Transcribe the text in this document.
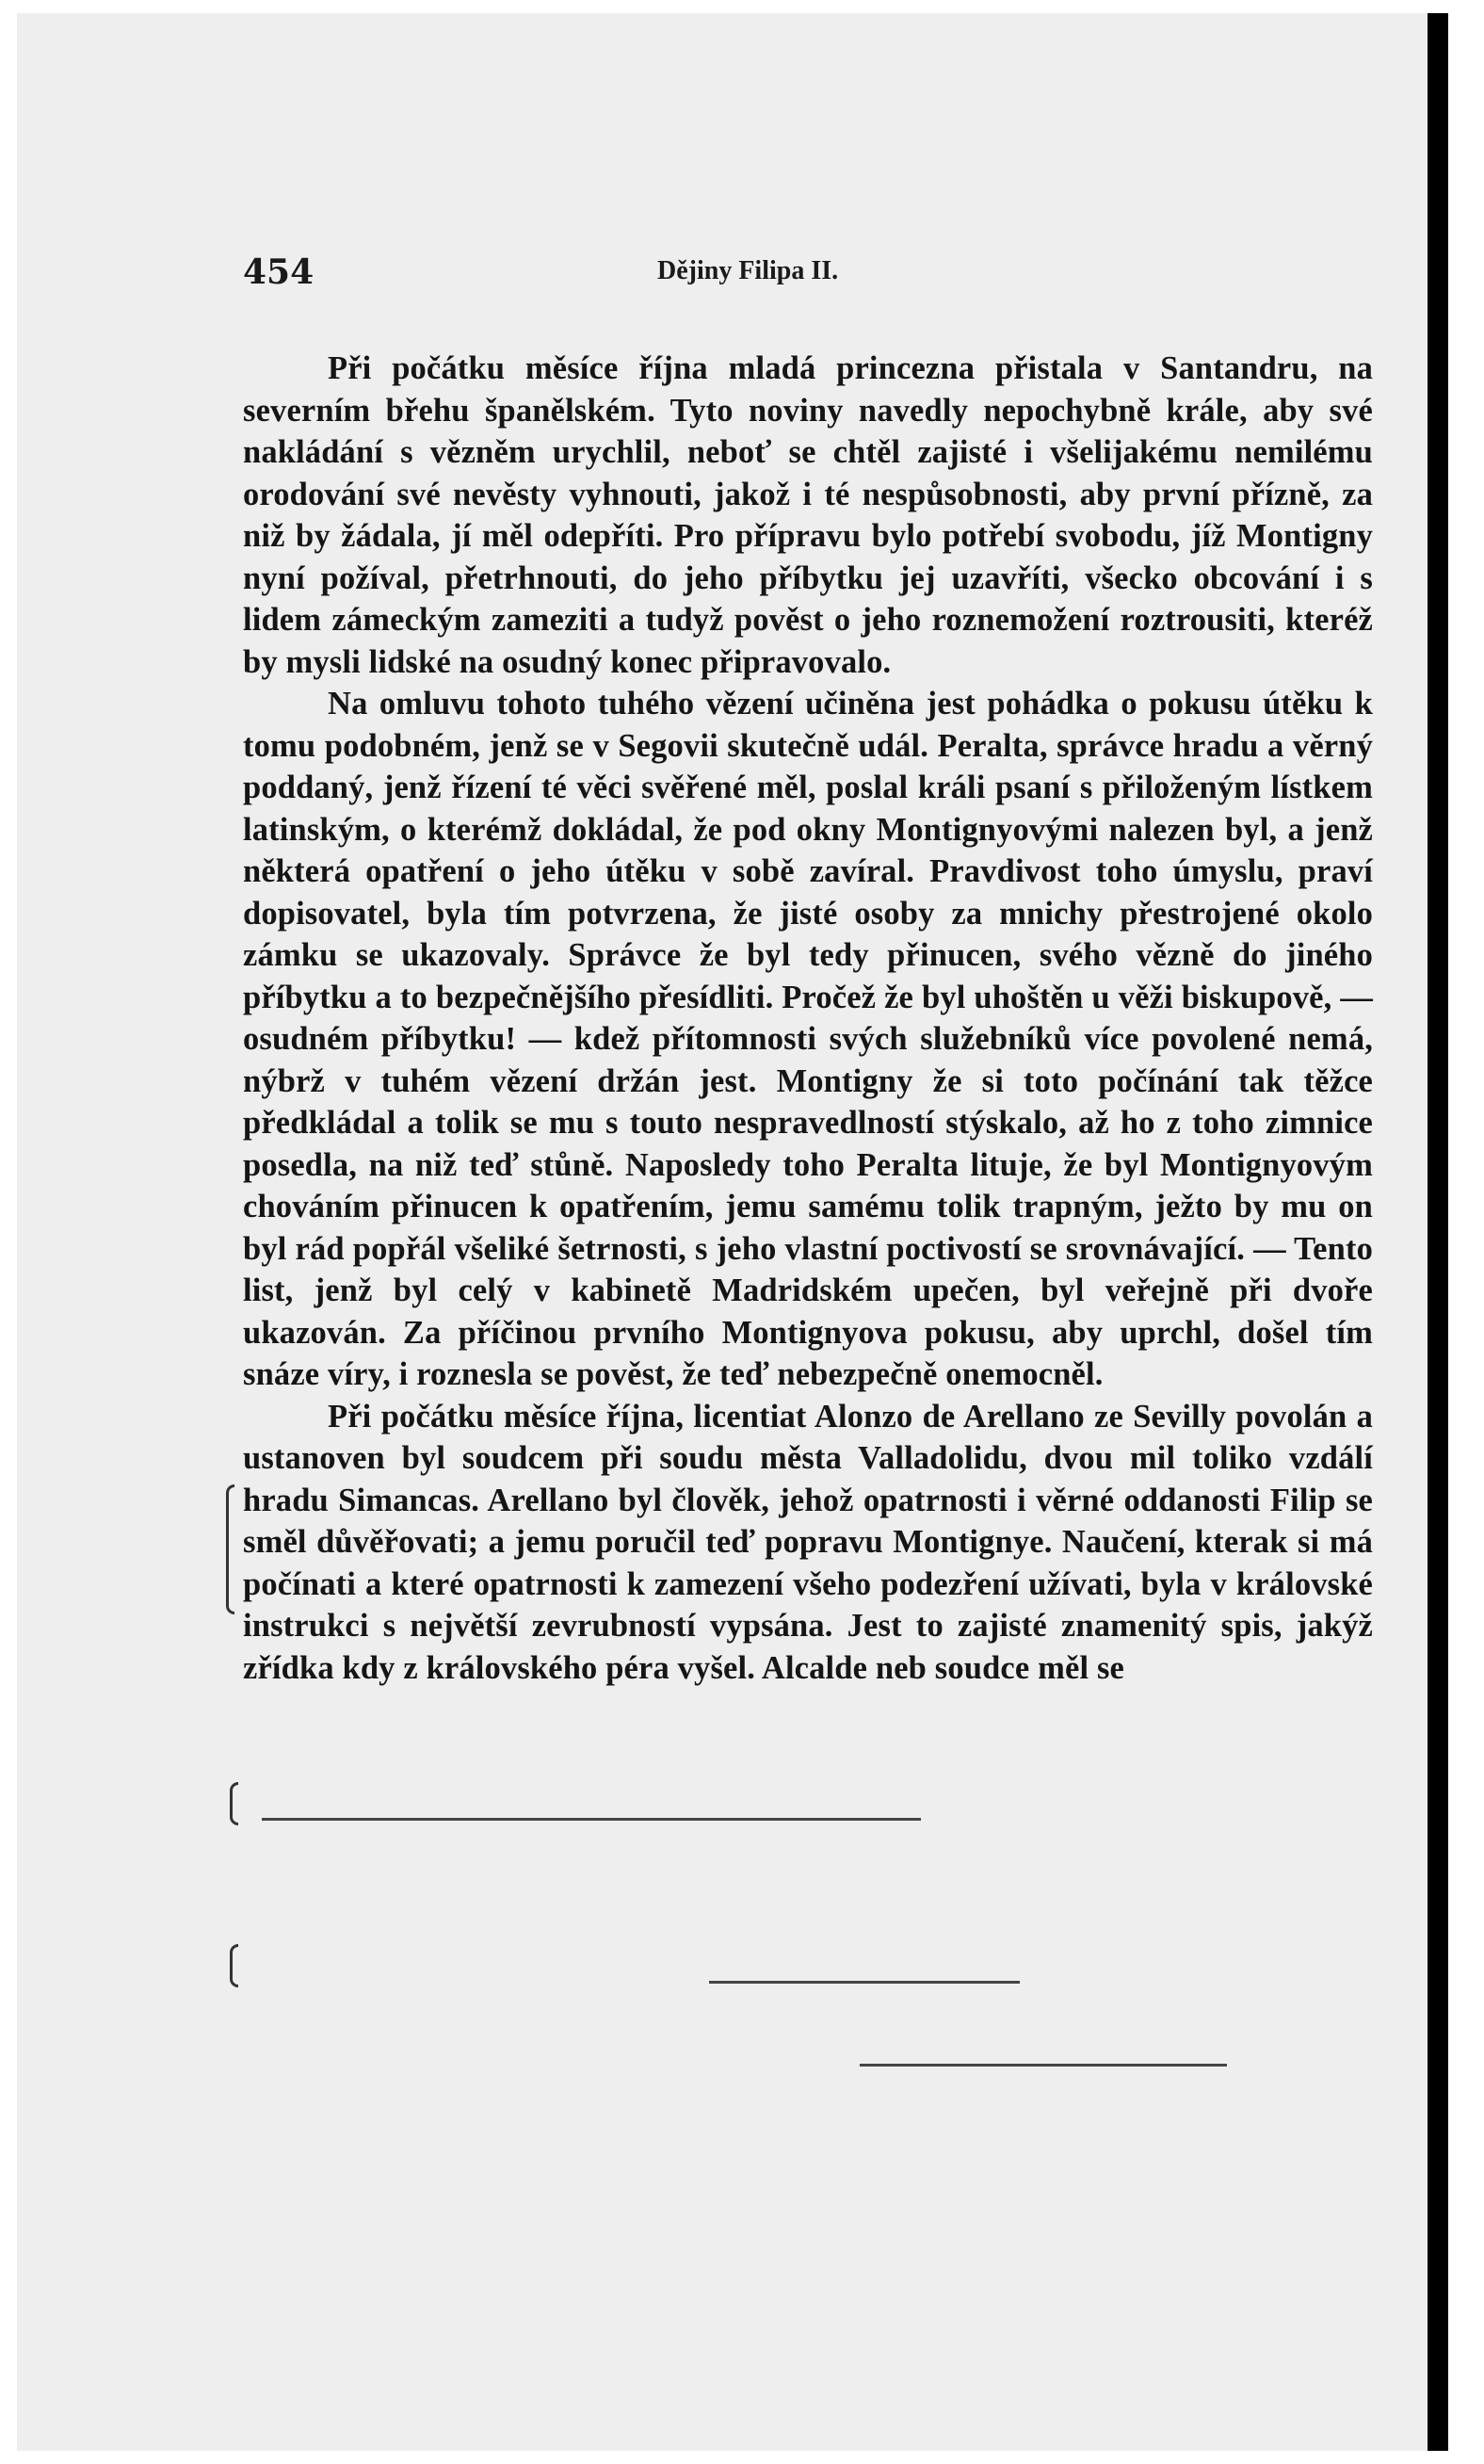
454	Dějiny Filipa II.

Při počátku měsíce října mladá princezna přistala v Santandru, na severním břehu španělském. Tyto noviny navedly nepochybně krále, aby své nakládání s vězněm urychlil, neboť se chtěl zajisté i všelijakému nemilému orodování své nevěsty vyhnouti, jakož i té nespůsobnosti, aby první přízně, za niž by žádala, jí měl odepříti. Pro přípravu bylo potřebí svobodu, jíž Montigny nyní požíval, přetrhnouti, do jeho příbytku jej uzavříti, všecko obcování i s lidem zámeckým zameziti a tudyž pověst o jeho roznemožení roztrousiti, kteréž by mysli lidské na osudný konec připravovalo.

Na omluvu tohoto tuhého vězení učiněna jest pohádka o pokusu útěku k tomu podobném, jenž se v Segovii skutečně udál. Peralta, správce hradu a věrný poddaný, jenž řízení té věci svěřené měl, poslal králi psaní s přiloženým lístkem latinským, o kterémž dokládal, že pod okny Montignyovými nalezen byl, a jenž některá opatření o jeho útěku v sobě zavíral. Pravdivost toho úmyslu, praví dopisovatel, byla tím potvrzena, že jisté osoby za mnichy přestrojené okolo zámku se ukazovaly. Správce že byl tedy přinucen, svého vězně do jiného příbytku a to bezpečnějšího přesídliti. Pročež že byl uhoštěn u věži biskupově, — osudném příbytku! — kdež přítomnosti svých služebníků více povolené nemá, nýbrž v tuhém vězení držán jest. Montigny že si toto počínání tak těžce předkládal a tolik se mu s touto nespravedlností stýskalo, až ho z toho zimnice posedla, na niž teď stůně. Naposledy toho Peralta lituje, že byl Montignyovým chováním přinucen k opatřením, jemu samému tolik trapným, ježto by mu on byl rád popřál všeliké šetrnosti, s jeho vlastní poctivostí se srovnávající. — Tento list, jenž byl celý v kabinetě Madridském upečen, byl veřejně při dvoře ukazován. Za příčinou prvního Montignyova pokusu, aby uprchl, došel tím snáze víry, i roznesla se pověst, že teď nebezpečně onemocněl.

Při počátku měsíce října, licentiat Alonzo de Arellano ze Sevilly povolán a ustanoven byl soudcem při soudu města Valladolidu, dvou mil toliko vzdálí hradu Simancas. Arellano byl člověk, jehož opatrnosti i věrné oddanosti Filip se směl důvěřovati; a jemu poručil teď popravu Montignye. Naučení, kterak si má počínati a které opatrnosti k zamezení všeho podezření užívati, byla v královské instrukci s největší zevrubností vypsána. Jest to zajisté znamenitý spis, jakýž zřídka kdy z královského péra vyšel. Alcalde neb soudce měl se
